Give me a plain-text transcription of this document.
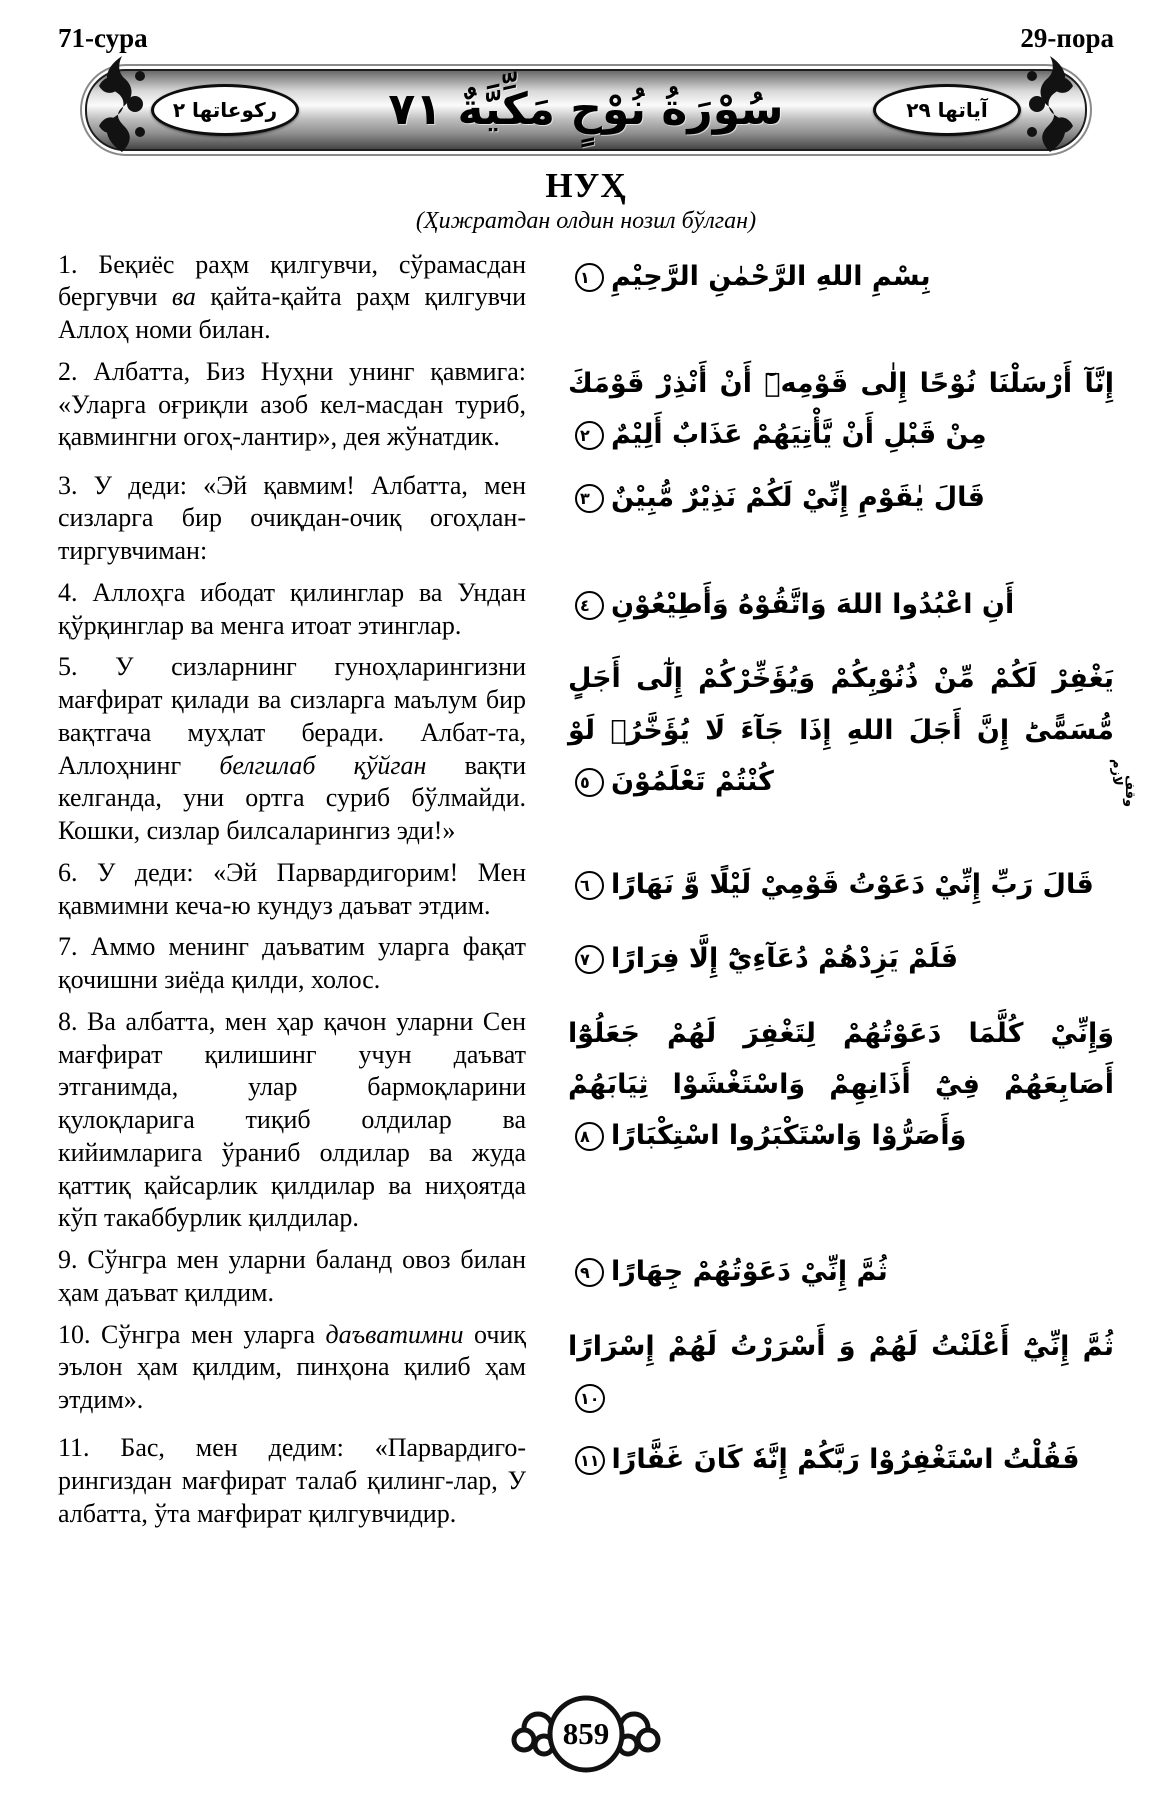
71-сура	29-пора
ركوعاتها ٢	سُوْرَةُ نُوْحٍ مَكِّيَّةٌ ٧١	آياتها ٢٩
НУҲ
(Ҳижратдан олдин нозил бўлган)
1. Беқиёс раҳм қилгувчи, сўрамасдан бергувчи ва қайта-қайта раҳм қилгувчи Аллоҳ номи билан.
بِسْمِ اللهِ الرَّحْمٰنِ الرَّحِيْمِ١
2. Албатта, Биз Нуҳни унинг қавмига: «Уларга оғриқли азоб кел-масдан туриб, қавмингни огоҳ-лантир», дея жўнатдик.
إِنَّآ أَرْسَلْنَا نُوْحًا إِلٰى قَوْمِهٖٓ أَنْ أَنْذِرْ قَوْمَكَ مِنْ قَبْلِ أَنْ يَّأْتِيَهُمْ عَذَابٌ أَلِيْمٌ٢
3. У деди: «Эй қавмим! Албатта, мен сизларга бир очиқдан-очиқ огоҳлан-тиргувчиман:
قَالَ يٰقَوْمِ إِنِّيْ لَكُمْ نَذِيْرٌ مُّبِيْنٌ٣
4. Аллоҳга ибодат қилинглар ва Ундан қўрқинглар ва менга итоат этинглар.
أَنِ اعْبُدُوا اللهَ وَاتَّقُوْهُ وَأَطِيْعُوْنِ٤
5. У сизларнинг гуноҳларингизни мағфират қилади ва сизларга маълум бир вақтгача муҳлат беради. Албат-та, Аллоҳнинг белгилаб қўйган вақти келганда, уни ортга суриб бўлмайди. Кошки, сизлар билсаларингиз эди!»
يَغْفِرْ لَكُمْ مِّنْ ذُنُوْبِكُمْ وَيُؤَخِّرْكُمْ إِلٰٓى أَجَلٍ مُّسَمًّىؕ إِنَّ أَجَلَ اللهِ إِذَا جَآءَ لَا يُؤَخَّرُۘ لَوْ كُنْتُمْ تَعْلَمُوْنَ٥	وقف لازم
6. У деди: «Эй Парвардигорим! Мен қавмимни кеча-ю кундуз даъват этдим.
قَالَ رَبِّ إِنِّيْ دَعَوْتُ قَوْمِيْ لَيْلًا وَّ نَهَارًا٦
7. Аммо менинг даъватим уларга фақат қочишни зиёда қилди, холос.
فَلَمْ يَزِدْهُمْ دُعَآءِيْٓ إِلَّا فِرَارًا٧
8. Ва албатта, мен ҳар қачон уларни Сен мағфират қилишинг учун даъват этганимда, улар бармоқларини қулоқларига тиқиб олдилар ва кийимларига ўраниб олдилар ва жуда қаттиқ қайсарлик қилдилар ва ниҳоятда кўп такаббурлик қилдилар.
وَإِنِّيْ كُلَّمَا دَعَوْتُهُمْ لِتَغْفِرَ لَهُمْ جَعَلُوْٓا أَصَابِعَهُمْ فِيْٓ أَذَانِهِمْ وَاسْتَغْشَوْا ثِيَابَهُمْ وَأَصَرُّوْا وَاسْتَكْبَرُوا اسْتِكْبَارًا٨
9. Сўнгра мен уларни баланд овоз билан ҳам даъват қилдим.
ثُمَّ إِنِّيْ دَعَوْتُهُمْ جِهَارًا٩
10. Сўнгра мен уларга даъватимни очиқ эълон ҳам қилдим, пинҳона қилиб ҳам этдим».
ثُمَّ إِنِّيْٓ أَعْلَنْتُ لَهُمْ وَ أَسْرَرْتُ لَهُمْ إِسْرَارًا١٠
11. Бас, мен дедим: «Парвардиго-рингиздан мағфират талаб қилинг-лар, У албатта, ўта мағфират қилгувчидир.
فَقُلْتُ اسْتَغْفِرُوْا رَبَّكُمْؕ إِنَّهٗ كَانَ غَفَّارًا١١
859
